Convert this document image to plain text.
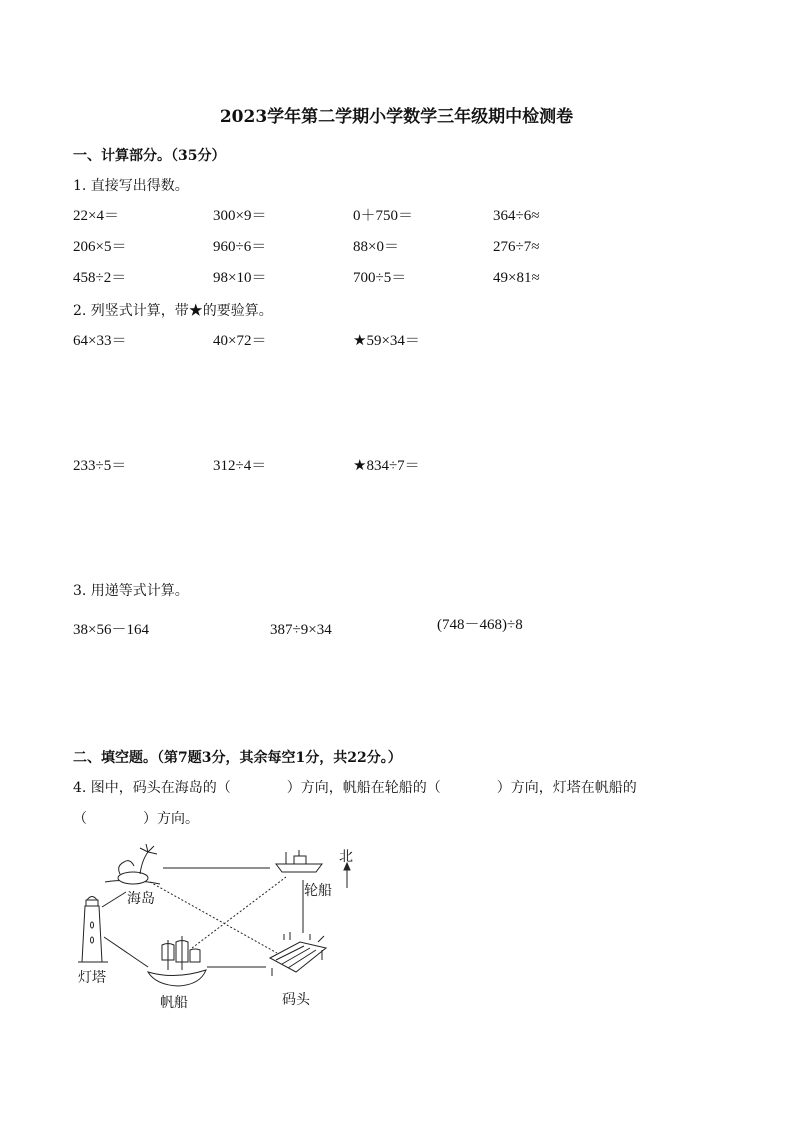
2023学年第二学期小学数学三年级期中检测卷
一、计算部分。（35分）
1. 直接写出得数。
22×4＝	300×9＝	0＋750＝	364÷6≈
206×5＝	960÷6＝	88×0＝	276÷7≈
458÷2＝	98×10＝	700÷5＝	49×81≈
2. 列竖式计算，带★的要验算。
64×33＝	40×72＝	★59×34＝
233÷5＝	312÷4＝	★834÷7＝
3. 用递等式计算。
38×56－164	387÷9×34	(748－468)÷8
二、填空题。（第7题3分，其余每空1分，共22分。）
4. 图中，码头在海岛的（　　　　）方向，帆船在轮船的（　　　　）方向，灯塔在帆船的
（　　　　）方向。
海岛	轮船
北
灯塔
帆船	码头
